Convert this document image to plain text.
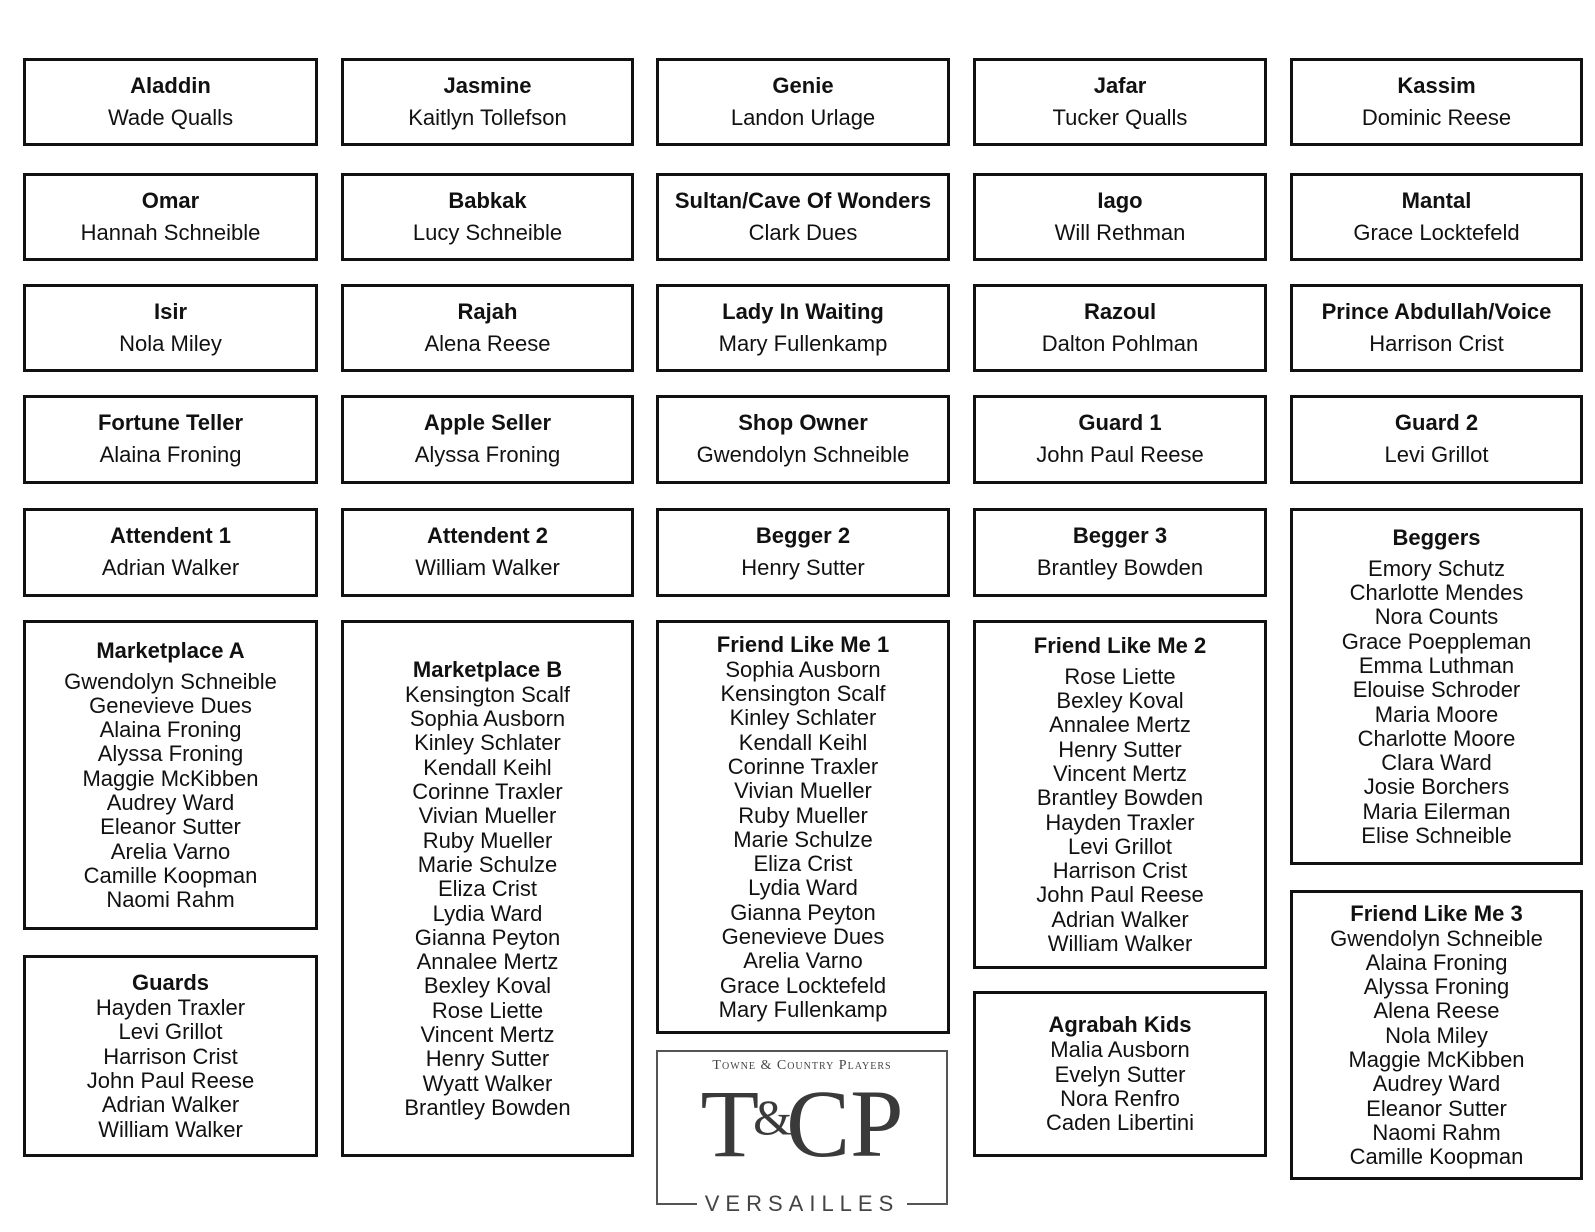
Aladdin
Wade Qualls
Jasmine
Kaitlyn Tollefson
Genie
Landon Urlage
Jafar
Tucker Qualls
Kassim
Dominic Reese
Omar
Hannah Schneible
Babkak
Lucy Schneible
Sultan/Cave Of Wonders
Clark Dues
Iago
Will Rethman
Mantal
Grace Locktefeld
Isir
Nola Miley
Rajah
Alena Reese
Lady In Waiting
Mary Fullenkamp
Razoul
Dalton Pohlman
Prince Abdullah/Voice
Harrison Crist
Fortune Teller
Alaina Froning
Apple Seller
Alyssa Froning
Shop Owner
Gwendolyn Schneible
Guard 1
John Paul Reese
Guard 2
Levi Grillot
Attendent 1
Adrian Walker
Attendent 2
William Walker
Begger 2
Henry Sutter
Begger 3
Brantley Bowden
Beggers
Emory Schutz
Charlotte Mendes
Nora Counts
Grace Poeppleman
Emma Luthman
Elouise Schroder
Maria Moore
Charlotte Moore
Clara Ward
Josie Borchers
Maria Eilerman
Elise Schneible
Marketplace A
Gwendolyn Schneible
Genevieve Dues
Alaina Froning
Alyssa Froning
Maggie McKibben
Audrey Ward
Eleanor Sutter
Arelia Varno
Camille Koopman
Naomi Rahm
Marketplace B
Kensington Scalf
Sophia Ausborn
Kinley Schlater
Kendall Keihl
Corinne Traxler
Vivian Mueller
Ruby Mueller
Marie Schulze
Eliza Crist
Lydia Ward
Gianna Peyton
Annalee Mertz
Bexley Koval
Rose Liette
Vincent Mertz
Henry Sutter
Wyatt Walker
Brantley Bowden
Friend Like Me 1
Sophia Ausborn
Kensington Scalf
Kinley Schlater
Kendall Keihl
Corinne Traxler
Vivian Mueller
Ruby Mueller
Marie Schulze
Eliza Crist
Lydia Ward
Gianna Peyton
Genevieve Dues
Arelia Varno
Grace Locktefeld
Mary Fullenkamp
Friend Like Me 2
Rose Liette
Bexley Koval
Annalee Mertz
Henry Sutter
Vincent Mertz
Brantley Bowden
Hayden Traxler
Levi Grillot
Harrison Crist
John Paul Reese
Adrian Walker
William Walker
Guards
Hayden Traxler
Levi Grillot
Harrison Crist
John Paul Reese
Adrian Walker
William Walker
Agrabah Kids
Malia Ausborn
Evelyn Sutter
Nora Renfro
Caden Libertini
Friend Like Me 3
Gwendolyn Schneible
Alaina Froning
Alyssa Froning
Alena Reese
Nola Miley
Maggie McKibben
Audrey Ward
Eleanor Sutter
Naomi Rahm
Camille Koopman
Towne & Country Players
T&CP
VERSAILLES
